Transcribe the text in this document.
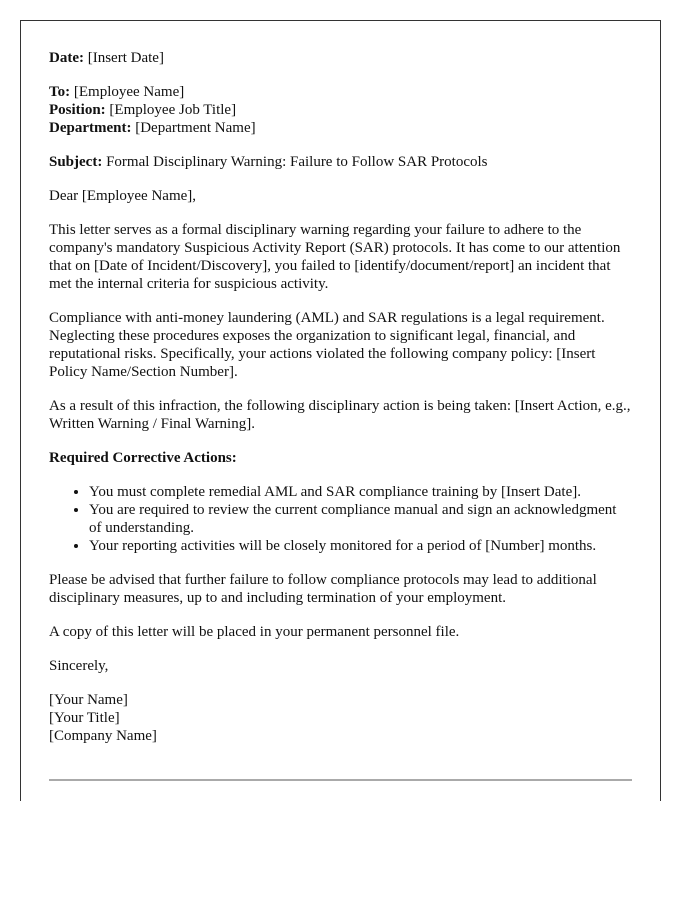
Date: [Insert Date]

To: [Employee Name]
Position: [Employee Job Title]
Department: [Department Name]

Subject: Formal Disciplinary Warning: Failure to Follow SAR Protocols

Dear [Employee Name],

This letter serves as a formal disciplinary warning regarding your failure to adhere to the company's mandatory Suspicious Activity Report (SAR) protocols. It has come to our attention that on [Date of Incident/Discovery], you failed to [identify/document/report] an incident that met the internal criteria for suspicious activity.

Compliance with anti-money laundering (AML) and SAR regulations is a legal requirement. Neglecting these procedures exposes the organization to significant legal, financial, and reputational risks. Specifically, your actions violated the following company policy: [Insert Policy Name/Section Number].

As a result of this infraction, the following disciplinary action is being taken: [Insert Action, e.g., Written Warning / Final Warning].

Required Corrective Actions:

• You must complete remedial AML and SAR compliance training by [Insert Date].
• You are required to review the current compliance manual and sign an acknowledgment of understanding.
• Your reporting activities will be closely monitored for a period of [Number] months.

Please be advised that further failure to follow compliance protocols may lead to additional disciplinary measures, up to and including termination of your employment.

A copy of this letter will be placed in your permanent personnel file.

Sincerely,

[Your Name]
[Your Title]
[Company Name]
